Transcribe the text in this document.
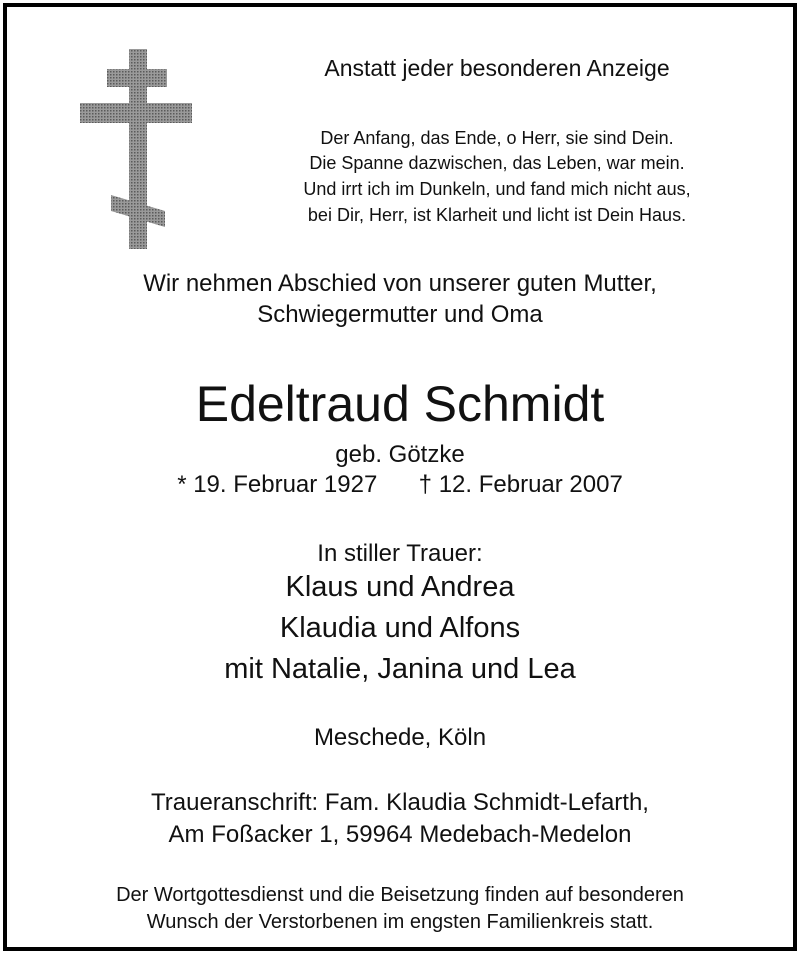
Anstatt jeder besonderen Anzeige
Der Anfang, das Ende, o Herr, sie sind Dein.
Die Spanne dazwischen, das Leben, war mein.
Und irrt ich im Dunkeln, und fand mich nicht aus,
bei Dir, Herr, ist Klarheit und licht ist Dein Haus.
Wir nehmen Abschied von unserer guten Mutter,
Schwiegermutter und Oma
Edeltraud Schmidt
geb. Götzke
* 19. Februar 1927 † 12. Februar 2007
In stiller Trauer:
Klaus und Andrea
Klaudia und Alfons
mit Natalie, Janina und Lea
Meschede, Köln
Traueranschrift: Fam. Klaudia Schmidt-Lefarth,
Am Foßacker 1, 59964 Medebach-Medelon
Der Wortgottesdienst und die Beisetzung finden auf besonderen
Wunsch der Verstorbenen im engsten Familienkreis statt.
